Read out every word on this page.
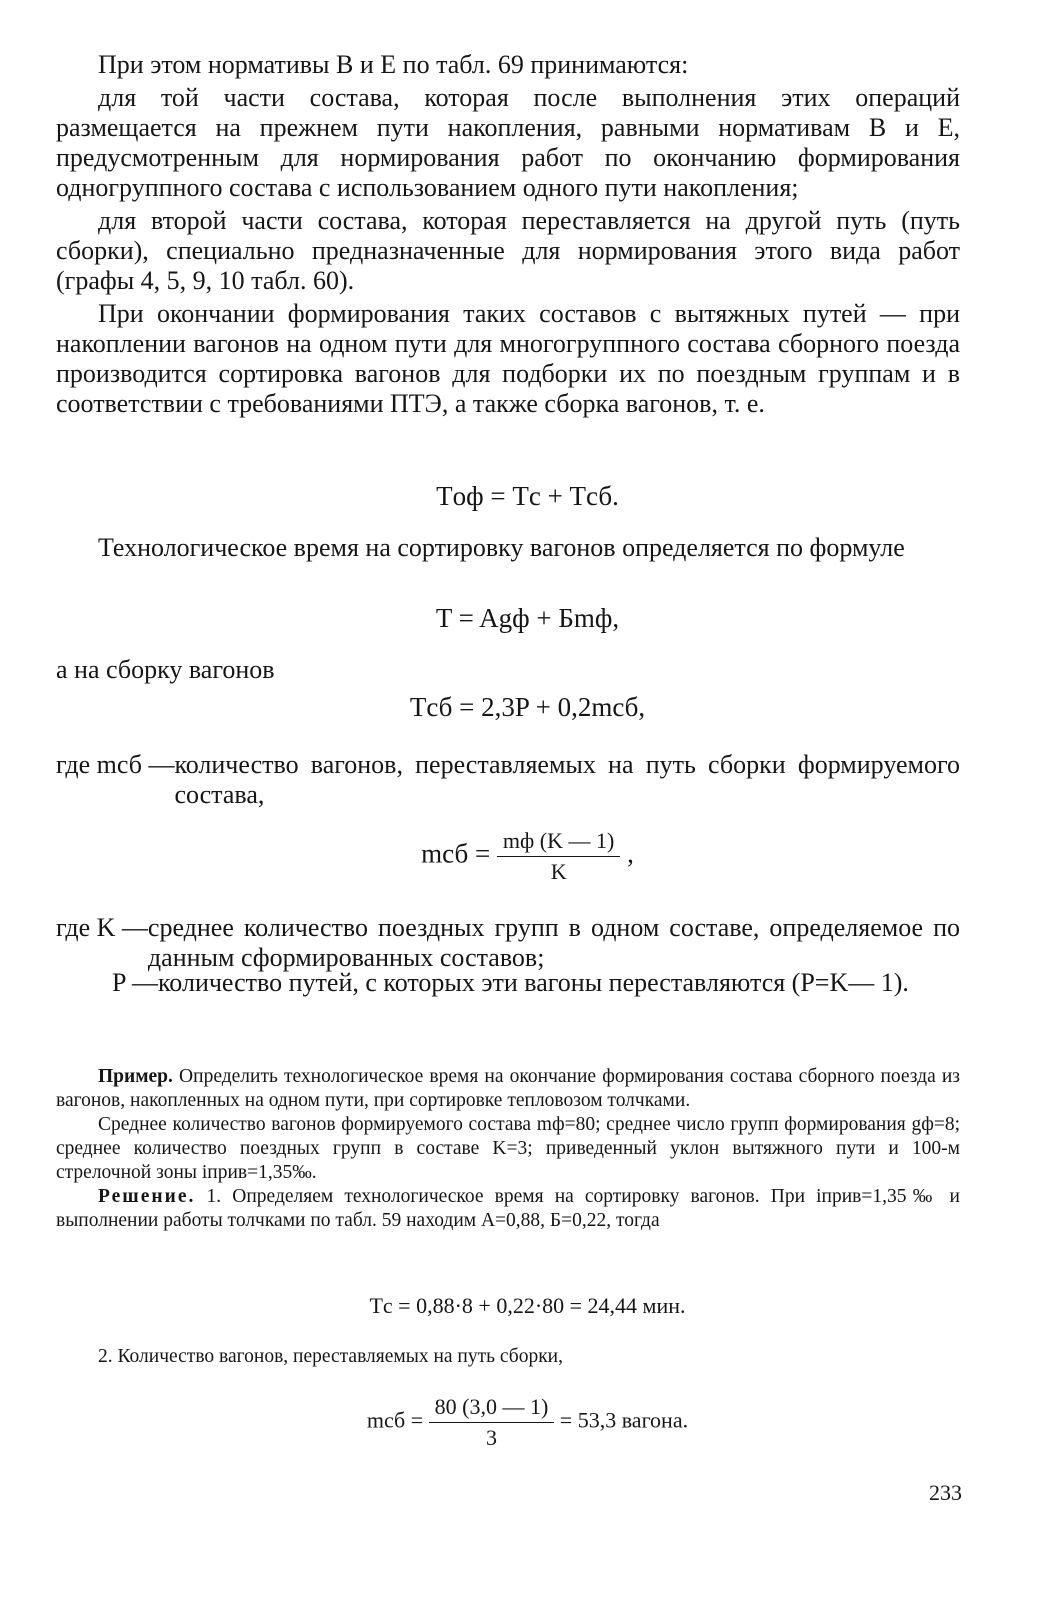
При этом нормативы В и Е по табл. 69 принимаются:

для той части состава, которая после выполнения этих операций размещается на прежнем пути накопления, равными нормативам В и Е, предусмотренным для нормирования работ по окончанию формирования одногруппного состава с использованием одного пути накопления;

для второй части состава, которая переставляется на другой путь (путь сборки), специально предназначенные для нормирования этого вида работ (графы 4, 5, 9, 10 табл. 60).

При окончании формирования таких составов с вытяжных путей — при накоплении вагонов на одном пути для многогруппного состава сборного поезда производится сортировка вагонов для подборки их по поездным группам и в соответствии с требованиями ПТЭ, а также сборка вагонов, т. е.

Tоф = Tс + Tсб.

Технологическое время на сортировку вагонов определяется по формуле

T = Agф + Бmф,

а на сборку вагонов

Tсб = 2,3P + 0,2mсб,
где mсб — количество вагонов, переставляемых на путь сборки формируемого состава,
mсб = $\frac{mф (K — 1)}{K}$ ,
где K — среднее количество поездных групп в одном составе, определяемое по данным сформированных составов;
P — количество путей, с которых эти вагоны переставляются (P=K— 1).

Пример. Определить технологическое время на окончание формирования состава сборного поезда из вагонов, накопленных на одном пути, при сортировке тепловозом толчками.

Среднее количество вагонов формируемого состава mф=80; среднее число групп формирования gф=8; среднее количество поездных групп в составе K=3; приведенный уклон вытяжного пути и 100-м стрелочной зоны iприв=1,35‰.

Решение. 1. Определяем технологическое время на сортировку вагонов. При iприв=1,35‰ и выполнении работы толчками по табл. 59 находим А=0,88, Б=0,22, тогда

Tс = 0,88·8 + 0,22·80 = 24,44 мин.

2. Количество вагонов, переставляемых на путь сборки,

mсб = $\frac{80 (3,0 — 1)}{3} = 53,3$ вагона.
233
